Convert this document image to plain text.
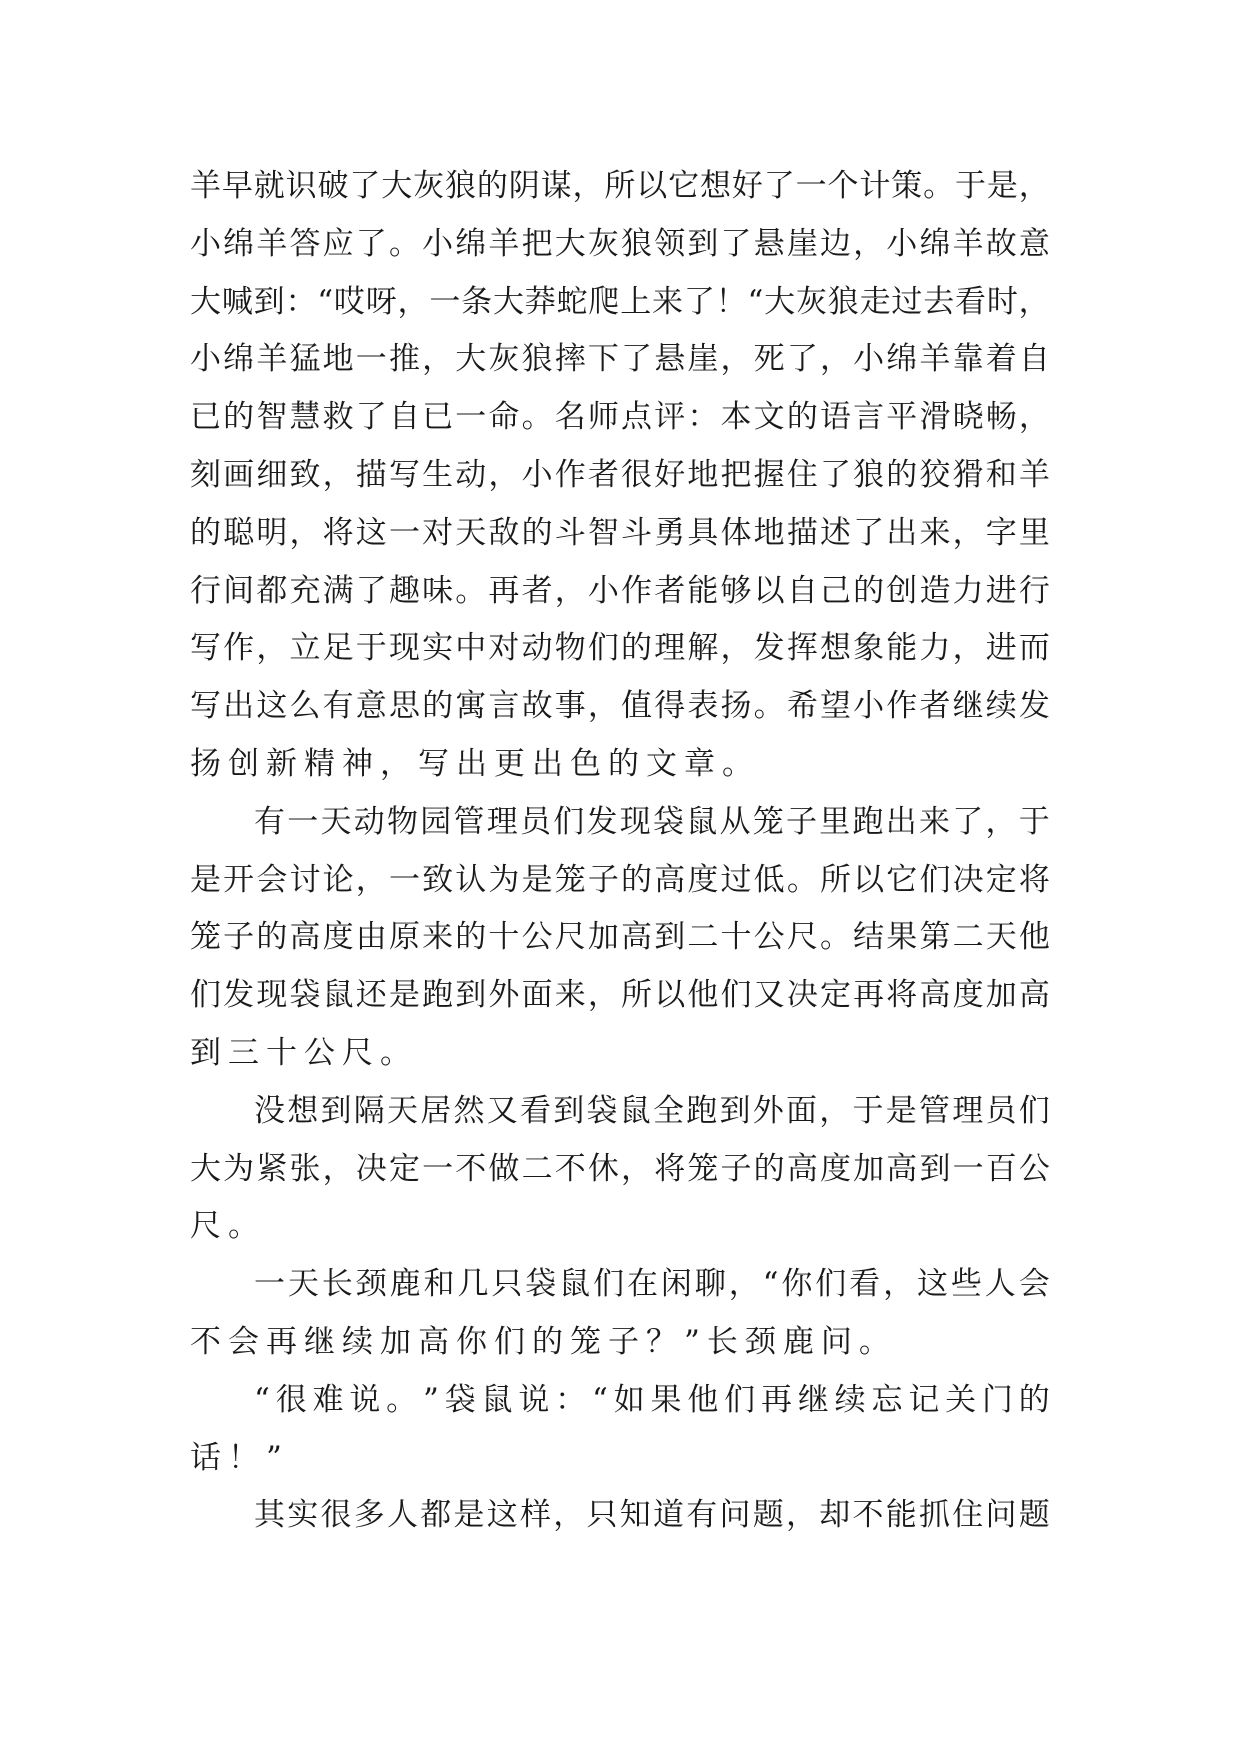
羊 早 就 识 破 了 大 灰 狼 的 阴 谋 ， 所 以 它 想 好 了 一 个 计 策 。 于 是 ，
小 绵 羊 答 应 了 。 小 绵 羊 把 大 灰 狼 领 到 了 悬 崖 边 ， 小 绵 羊 故 意
大 喊 到 ： “ 哎 呀 ， 一 条 大 莽 蛇 爬 上 来 了 ！ “ 大 灰 狼 走 过 去 看 时 ，
小 绵 羊 猛 地 一 推 ， 大 灰 狼 摔 下 了 悬 崖 ， 死 了 ， 小 绵 羊 靠 着 自
已 的 智 慧 救 了 自 已 一 命 。 名 师 点 评 ： 本 文 的 语 言 平 滑 晓 畅 ，
刻 画 细 致 ， 描 写 生 动 ， 小 作 者 很 好 地 把 握 住 了 狼 的 狡 猾 和 羊
的 聪 明 ， 将 这 一 对 天 敌 的 斗 智 斗 勇 具 体 地 描 述 了 出 来 ， 字 里
行 间 都 充 满 了 趣 味 。 再 者 ， 小 作 者 能 够 以 自 己 的 创 造 力 进 行
写 作 ， 立 足 于 现 实 中 对 动 物 们 的 理 解 ， 发 挥 想 象 能 力 ， 进 而
写 出 这 么 有 意 思 的 寓 言 故 事 ， 值 得 表 扬 。 希 望 小 作 者 继 续 发
扬 创 新 精 神 ， 写 出 更 出 色 的 文 章 。
有 一 天 动 物 园 管 理 员 们 发 现 袋 鼠 从 笼 子 里 跑 出 来 了 ， 于
是 开 会 讨 论 ， 一 致 认 为 是 笼 子 的 高 度 过 低 。 所 以 它 们 决 定 将
笼 子 的 高 度 由 原 来 的 十 公 尺 加 高 到 二 十 公 尺 。 结 果 第 二 天 他
们 发 现 袋 鼠 还 是 跑 到 外 面 来 ， 所 以 他 们 又 决 定 再 将 高 度 加 高
到 三 十 公 尺 。
没 想 到 隔 天 居 然 又 看 到 袋 鼠 全 跑 到 外 面 ， 于 是 管 理 员 们
大 为 紧 张 ， 决 定 一 不 做 二 不 休 ， 将 笼 子 的 高 度 加 高 到 一 百 公
尺 。
一 天 长 颈 鹿 和 几 只 袋 鼠 们 在 闲 聊 ， “ 你 们 看 ， 这 些 人 会
不 会 再 继 续 加 高 你 们 的 笼 子 ？ ” 长 颈 鹿 问 。
“ 很 难 说 。 ” 袋 鼠 说 ： “ 如 果 他 们 再 继 续 忘 记 关 门 的
话 ！ ”
其 实 很 多 人 都 是 这 样 ， 只 知 道 有 问 题 ， 却 不 能 抓 住 问 题
